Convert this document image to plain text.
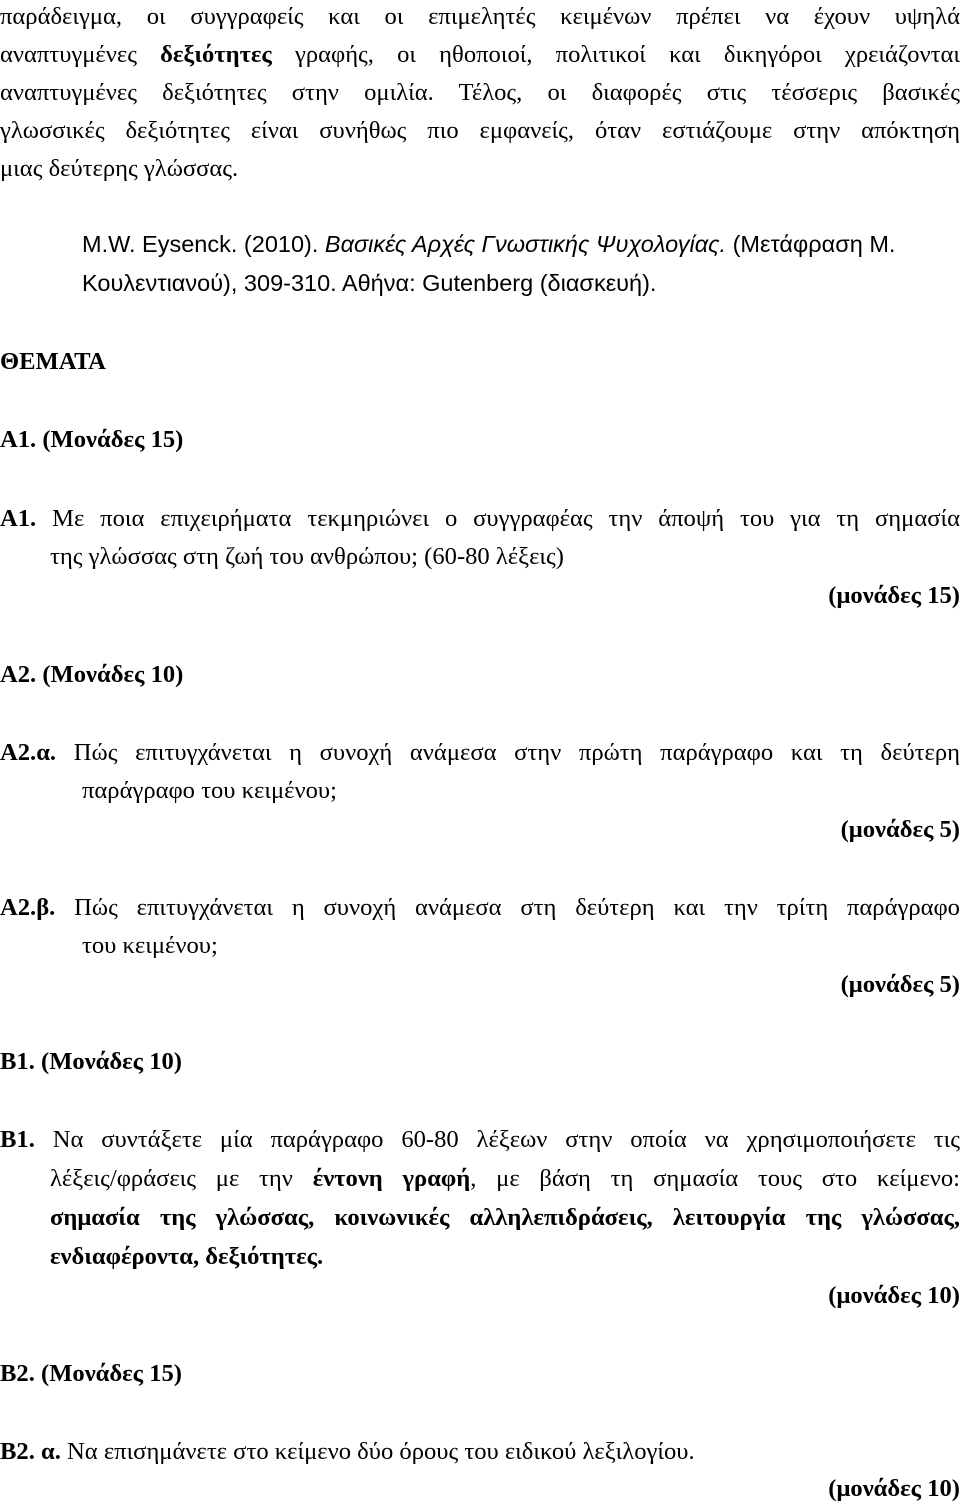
παράδειγμα, οι συγγραφείς και οι επιμελητές κειμένων πρέπει να έχουν υψηλά
αναπτυγμένες δεξιότητες γραφής, οι ηθοποιοί, πολιτικοί και δικηγόροι χρειάζονται
αναπτυγμένες δεξιότητες στην ομιλία. Τέλος, οι διαφορές στις τέσσερις βασικές
γλωσσικές δεξιότητες είναι συνήθως πιο εμφανείς, όταν εστιάζουμε στην απόκτηση
μιας δεύτερης γλώσσας.
M.W. Eysenck. (2010). Βασικές Αρχές Γνωστικής Ψυχολογίας. (Μετάφραση Μ.
Κουλεντιανού), 309-310. Αθήνα: Gutenberg (διασκευή).
ΘΕΜΑΤΑ
Α1. (Μονάδες 15)
Α1. Με ποια επιχειρήματα τεκμηριώνει ο συγγραφέας την άποψή του για τη σημασία
της γλώσσας στη ζωή του ανθρώπου; (60-80 λέξεις)
(μονάδες 15)
Α2. (Μονάδες 10)
Α2.α. Πώς επιτυγχάνεται η συνοχή ανάμεσα στην πρώτη παράγραφο και τη δεύτερη
παράγραφο του κειμένου;
(μονάδες 5)
Α2.β. Πώς επιτυγχάνεται η συνοχή ανάμεσα στη δεύτερη και την τρίτη παράγραφο
του κειμένου;
(μονάδες 5)
Β1. (Μονάδες 10)
Β1. Να συντάξετε μία παράγραφο 60-80 λέξεων στην οποία να χρησιμοποιήσετε τις
λέξεις/φράσεις με την έντονη γραφή, με βάση τη σημασία τους στο κείμενο:
σημασία της γλώσσας, κοινωνικές αλληλεπιδράσεις, λειτουργία της γλώσσας,
ενδιαφέροντα, δεξιότητες.
(μονάδες 10)
Β2. (Μονάδες 15)
Β2. α. Να επισημάνετε στο κείμενο δύο όρους του ειδικού λεξιλογίου.
(μονάδες 10)
